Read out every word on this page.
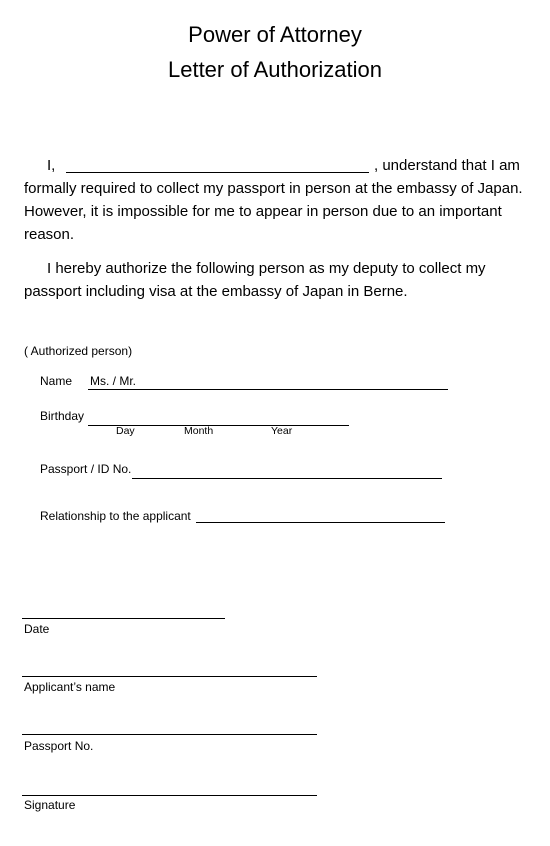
Power of Attorney
Letter of Authorization
I,	, understand that I am
formally required to collect my passport in person at the embassy of Japan.
However, it is impossible for me to appear in person due to an important
reason.
I hereby authorize the following person as my deputy to collect my
passport including visa at the embassy of Japan in Berne.
( Authorized person)
Name Ms. / Mr.
Birthday
Day	Month	Year
Passport / ID No.
Relationship to the applicant
Date
Applicant’s name
Passport No.
Signature
